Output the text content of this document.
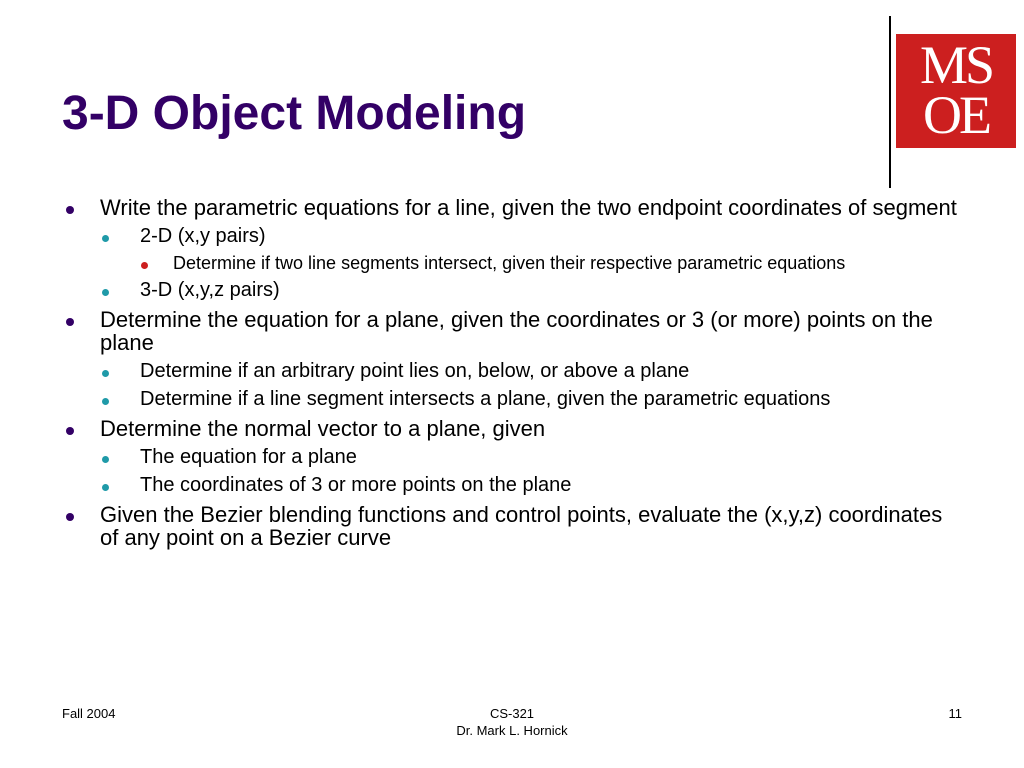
3-D Object Modeling
MS
OE
Write the parametric equations for a line, given the two endpoint coordinates of segment
2-D (x,y pairs)
Determine if two line segments intersect, given their respective parametric equations
3-D (x,y,z pairs)
Determine the equation for a plane, given the coordinates or 3 (or more) points on the plane
Determine if an arbitrary point lies on, below, or above a plane
Determine if a line segment intersects a plane, given the parametric equations
Determine the normal vector to a plane, given
The equation for a plane
The coordinates of 3 or more points on the plane
Given the Bezier blending functions and control points, evaluate the (x,y,z) coordinates of any point on a Bezier curve
Fall 2004	CS-321
Dr. Mark L. Hornick
11
